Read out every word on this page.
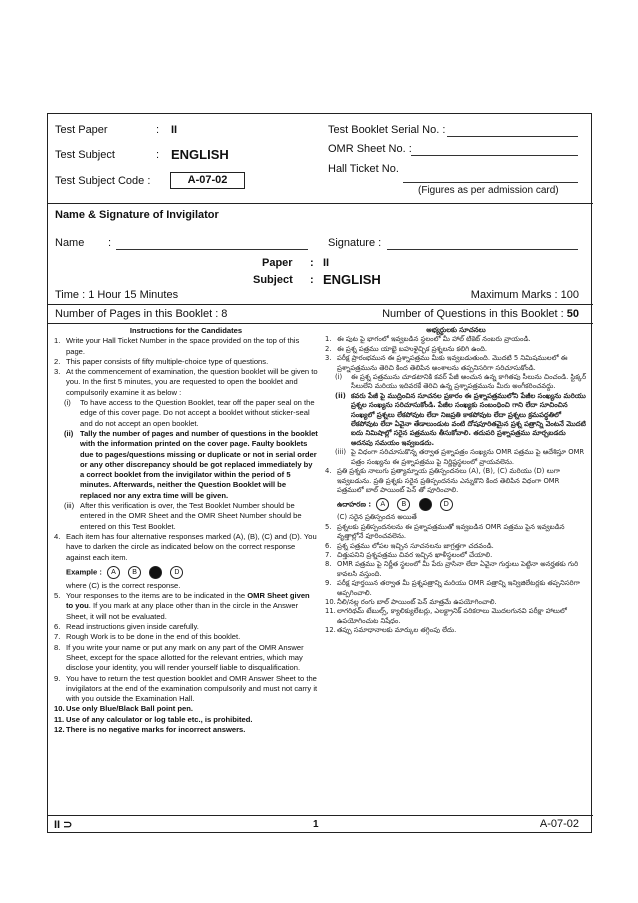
Test Paper	: II
Test Subject	: ENGLISH
Test Subject Code :	A-07-02
Test Booklet Serial No. :
OMR Sheet No. :
Hall Ticket No.
(Figures as per admission card)
Name & Signature of Invigilator
Name :	Signature :
Paper : II
Subject : ENGLISH
Time : 1 Hour 15 Minutes	Maximum Marks : 100
Number of Pages in this Booklet : 8	Number of Questions in this Booklet : 50
Instructions for the Candidates
1. Write your Hall Ticket Number in the space provided on the top of this page.
2. This paper consists of fifty multiple-choice type of questions.
3. At the commencement of examination, the question booklet will be given to you. In the first 5 minutes, you are requested to open the booklet and compulsorily examine it as below :
(i)	To have access to the Question Booklet, tear off the paper seal on the edge of this cover page. Do not accept a booklet without sticker-seal and do not accept an open booklet.
(ii) Tally the number of pages and number of questions in the booklet with the information printed on the cover page. Faulty booklets due to pages/questions missing or duplicate or not in serial order or any other discrepancy should be got replaced immediately by a correct booklet from the invigilator within the period of 5 minutes. Afterwards, neither the Question Booklet will be replaced nor any extra time will be given.
(iii) After this verification is over, the Test Booklet Number should be entered in the OMR Sheet and the OMR Sheet Number should be entered on this Test Booklet.
4. Each item has four alternative responses marked (A), (B), (C) and (D). You have to darken the circle as indicated below on the correct response against each item.
Example : A B	D
where (C) is the correct response.
5. Your responses to the items are to be indicated in the OMR Sheet given to you. If you mark at any place other than in the circle in the Answer Sheet, it will not be evaluated.
6. Read instructions given inside carefully.
7. Rough Work is to be done in the end of this booklet.
8. If you write your name or put any mark on any part of the OMR Answer Sheet, except for the space allotted for the relevant entries, which may disclose your identity, you will render yourself liable to disqualification.
9. You have to return the test question booklet and OMR Answer Sheet to the invigilators at the end of the examination compulsorily and must not carry it with you outside the Examination Hall.
10. Use only Blue/Black Ball point pen.
11. Use of any calculator or log table etc., is prohibited.
12. There is no negative marks for incorrect answers.
అభ్యర్థులకు సూచనలు
1. ఈ పుట పై భాగంలో ఇవ్వబడిన స్థలంలో మీ హాల్ టికెట్ నంబరు వ్రాయండి.
2. ఈ ప్రశ్న పత్రము యాభై బహుళైచ్ఛిక ప్రశ్నలను కలిగి ఉంది.
3. పరీక్ష ప్రారంభమున ఈ ప్రశ్నాపత్రము మీకు ఇవ్వబడుతుంది. మొదటి 5 నిమిషములలో ఈ ప్రశ్నాపత్రమును తెరిచి కింద తెలిపిన అంశాలను తప్పనిసరిగా సరిచూసుకోండి.
(i)	ఈ ప్రశ్న పత్రమును చూడటానికి కవర్ పేజీ అంచున ఉన్న కాగితపు సీలును చించండి. స్టిక్కర్ సీలులేని మరియు ఇదివరకే తెరిచి ఉన్న ప్రశ్నాపత్రమును మీరు అంగీకరించవద్దు.
(ii) కవరు పేజీ పై ముద్రించిన సూచనల ప్రకారం ఈ ప్రశ్నాపత్రములోని పేజీల సంఖ్యను మరియు ప్రశ్నల సంఖ్యను సరిచూసుకోండి. పేజీల సంఖ్యకు సంబంధించి గాని లేదా సూచించిన సంఖ్యలో ప్రశ్నలు లేకపోవుట లేదా నిజప్రతి కాకపోవుట లేదా ప్రశ్నలు క్రమపద్ధతిలో లేకపోవుట లేదా ఏవైనా తేడాలుండుట వంటి దోషపూరితమైన ప్రశ్న పత్రాన్ని వెంటనే మొదటి ఐదు నిమిషాల్లో సరైన పత్రమును తీసుకోవాలి. తదుపరి ప్రశ్నాపత్రము మార్చబడదు అదనపు సమయం ఇవ్వబడదు.
(iii) పై విధంగా సరిచూసుకొన్న తర్వాత ప్రశ్నాపత్రం సంఖ్యను OMR పత్రము పై ఆదేశిస్తూ OMR పత్రం సంఖ్యను ఈ ప్రశ్నాపత్రము పై నిర్ణిష్టస్థలంలో వ్రాయవలెను.
4. ప్రతి ప్రశ్నకు నాలుగు ప్రత్యామ్నాయ ప్రతిస్పందనలు (A), (B), (C) మరియు (D) లుగా ఇవ్వబడును. ప్రతి ప్రశ్నకు సరైన ప్రతిస్పందనను ఎన్నుకొని కింద తెలిపిన విధంగా OMR పత్రములో బాల్ పాయింట్ పెన్ తో పూరించాలి.
ఉదాహరణ : A B	D
(C) సరైన ప్రతిస్పందన అయితే
5. ప్రశ్నలకు ప్రతిస్పందనలను ఈ ప్రశ్నాపత్రముతో ఇవ్వబడిన OMR పత్రము పైన ఇవ్వబడిన వృత్తాల్లోనే పూరించవలెను.
6. ప్రశ్న పత్రము లోపల ఇచ్చిన సూచనలను జాగ్రత్తగా చదవండి.
7. చిత్తుపనిని ప్రశ్నపత్రము చివర ఇచ్చిన ఖాళీస్థలంలో చేయాలి.
8. OMR పత్రము పై నిర్ణీత స్థలంలో మీ పేరు వ్రాసినా లేదా ఏవైనా గుర్తులు పెట్టినా అనర్హతకు గురి కావలసి వస్తుంది.
9. పరీక్ష పూర్తయిన తర్వాత మీ ప్రశ్నపత్రాన్ని మరియు OMR పత్రాన్ని ఇన్విజిలేటర్లకు తప్పనిసరిగా అప్పగించాలి.
10. నీలి/నల్ల రంగు బాల్ పాయింట్ పెన్ మాత్రమే ఉపయోగించాలి.
11. లాగరిథమ్ టేబుల్స్, క్యాలిక్యులేటర్లు, ఎలక్ట్రానిక్ పరికరాలు మొదలగునవి పరీక్షా హాలులో ఉపయోగించుట నిషేధం.
12. తప్పు సమాధానాలకు మార్కుల తగ్గింపు లేదు.
II ⊃	1	A-07-02
